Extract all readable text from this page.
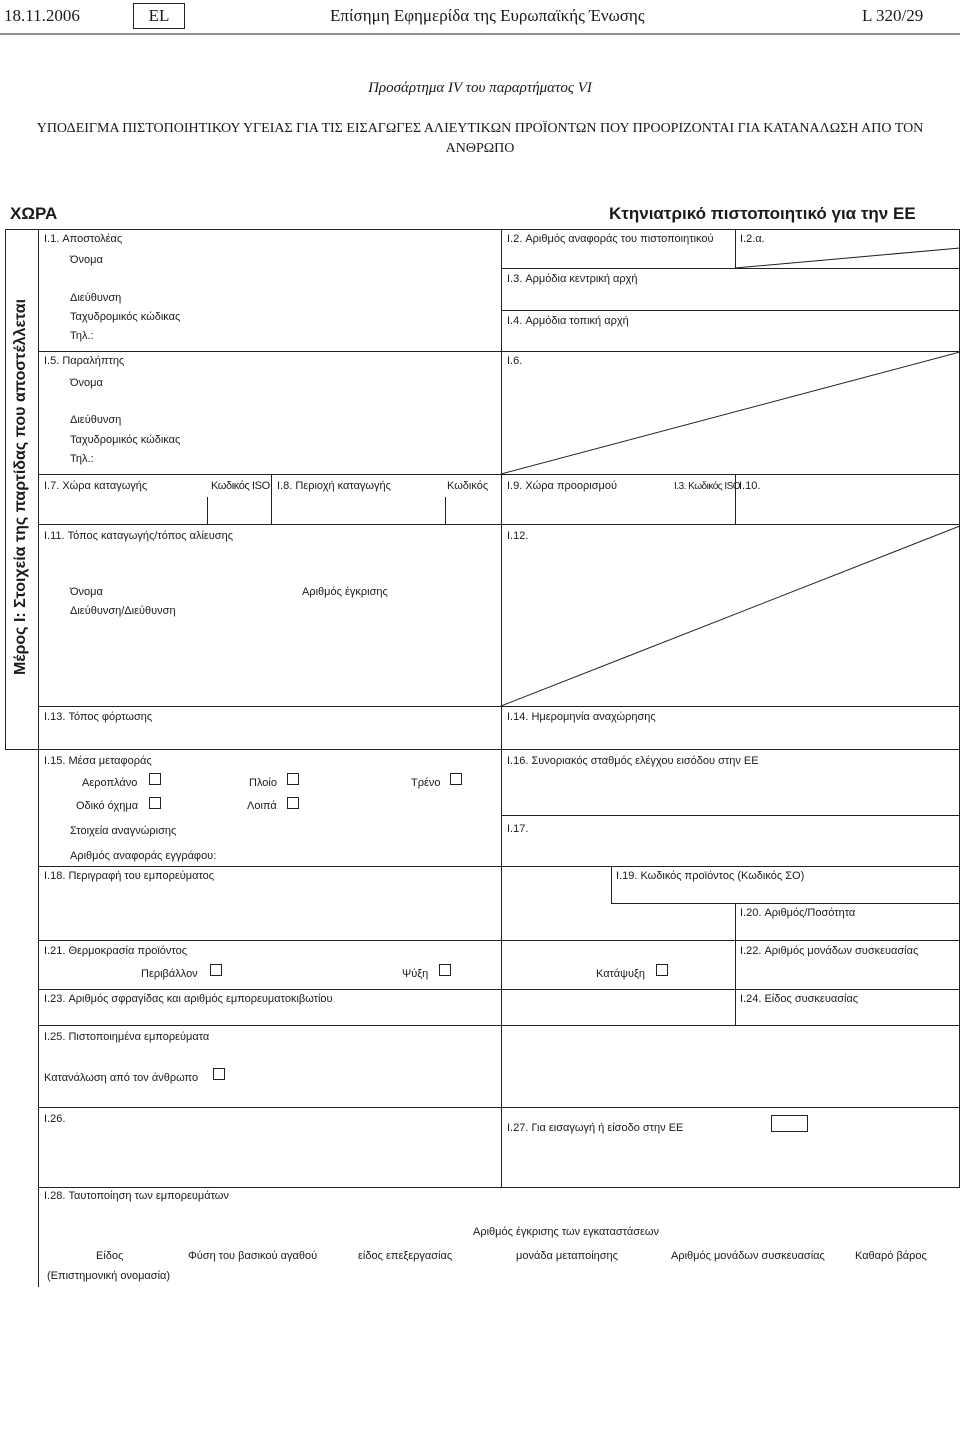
18.11.2006	EL	Επίσημη Εφημερίδα της Ευρωπαϊκής Ένωσης	L 320/29
Προσάρτημα IV του παραρτήματος VI
ΥΠΟΔΕΙΓΜΑ ΠΙΣΤΟΠΟΙΗΤΙΚΟΥ ΥΓΕΙΑΣ ΓΙΑ ΤΙΣ ΕΙΣΑΓΩΓΕΣ ΑΛΙΕΥΤΙΚΩΝ ΠΡΟΪΟΝΤΩΝ ΠΟΥ ΠΡΟΟΡΙΖΟΝΤΑΙ ΓΙΑ ΚΑΤΑΝΑΛΩΣΗ ΑΠΟ ΤΟΝ
ΑΝΘΡΩΠΟ
ΧΩΡΑ	Κτηνιατρικό πιστοποιητικό για την ΕΕ
Μέρος I: Στοιχεία της παρτίδας που αποστέλλεται
I.1. Αποστολέας
Όνομα
Διεύθυνση
Ταχυδρομικός κώδικας
Τηλ.:
I.2. Αριθμός αναφοράς του πιστοποιητικού I.2.α.
I.3. Αρμόδια κεντρική αρχή
I.4. Αρμόδια τοπική αρχή
I.5. Παραλήπτης
Όνομα
Διεύθυνση
Ταχυδρομικός κώδικας
Τηλ.:
I.6.
I.7. Χώρα καταγωγής	Κωδικός ISO I.8. Περιοχή καταγωγής	Κωδικός I.9. Χώρα προορισμού	I.3. Κωδικός ISO
I.10.
I.11. Τόπος καταγωγής/τόπος αλίευσης
Όνομα	Αριθμός έγκρισης
Διεύθυνση/Διεύθυνση
I.12.
I.13. Τόπος φόρτωσης	I.14. Ημερομηνία αναχώρησης
I.15. Μέσα μεταφοράς
Αεροπλάνο	Πλοίο	Τρένο
Οδικό όχημα	Λοιπά
Στοιχεία αναγνώρισης
Αριθμός αναφοράς εγγράφου:
I.16. Συνοριακός σταθμός ελέγχου εισόδου στην ΕΕ
I.17.
I.18. Περιγραφή του εμπορεύματος	I.19. Κωδικός προϊόντος (Κωδικός ΣΟ)
I.20. Αριθμός/Ποσότητα
I.21. Θερμοκρασία προϊόντος
Περιβάλλον	Ψύξη	Κατάψυξη
I.22. Αριθμός μονάδων συσκευασίας
I.23. Αριθμός σφραγίδας και αριθμός εμπορευματοκιβωτίου	I.24. Είδος συσκευασίας
I.25. Πιστοποιημένα εμπορεύματα
Κατανάλωση από τον άνθρωπο
I.26.
I.27. Για εισαγωγή ή είσοδο στην ΕΕ
I.28. Ταυτοποίηση των εμπορευμάτων
Αριθμός έγκρισης των εγκαταστάσεων
Είδος	Φύση του βασικού αγαθού	είδος επεξεργασίας	μονάδα μεταποίησης	Αριθμός μονάδων συσκευασίας	Καθαρό βάρος
(Επιστημονική ονομασία)
